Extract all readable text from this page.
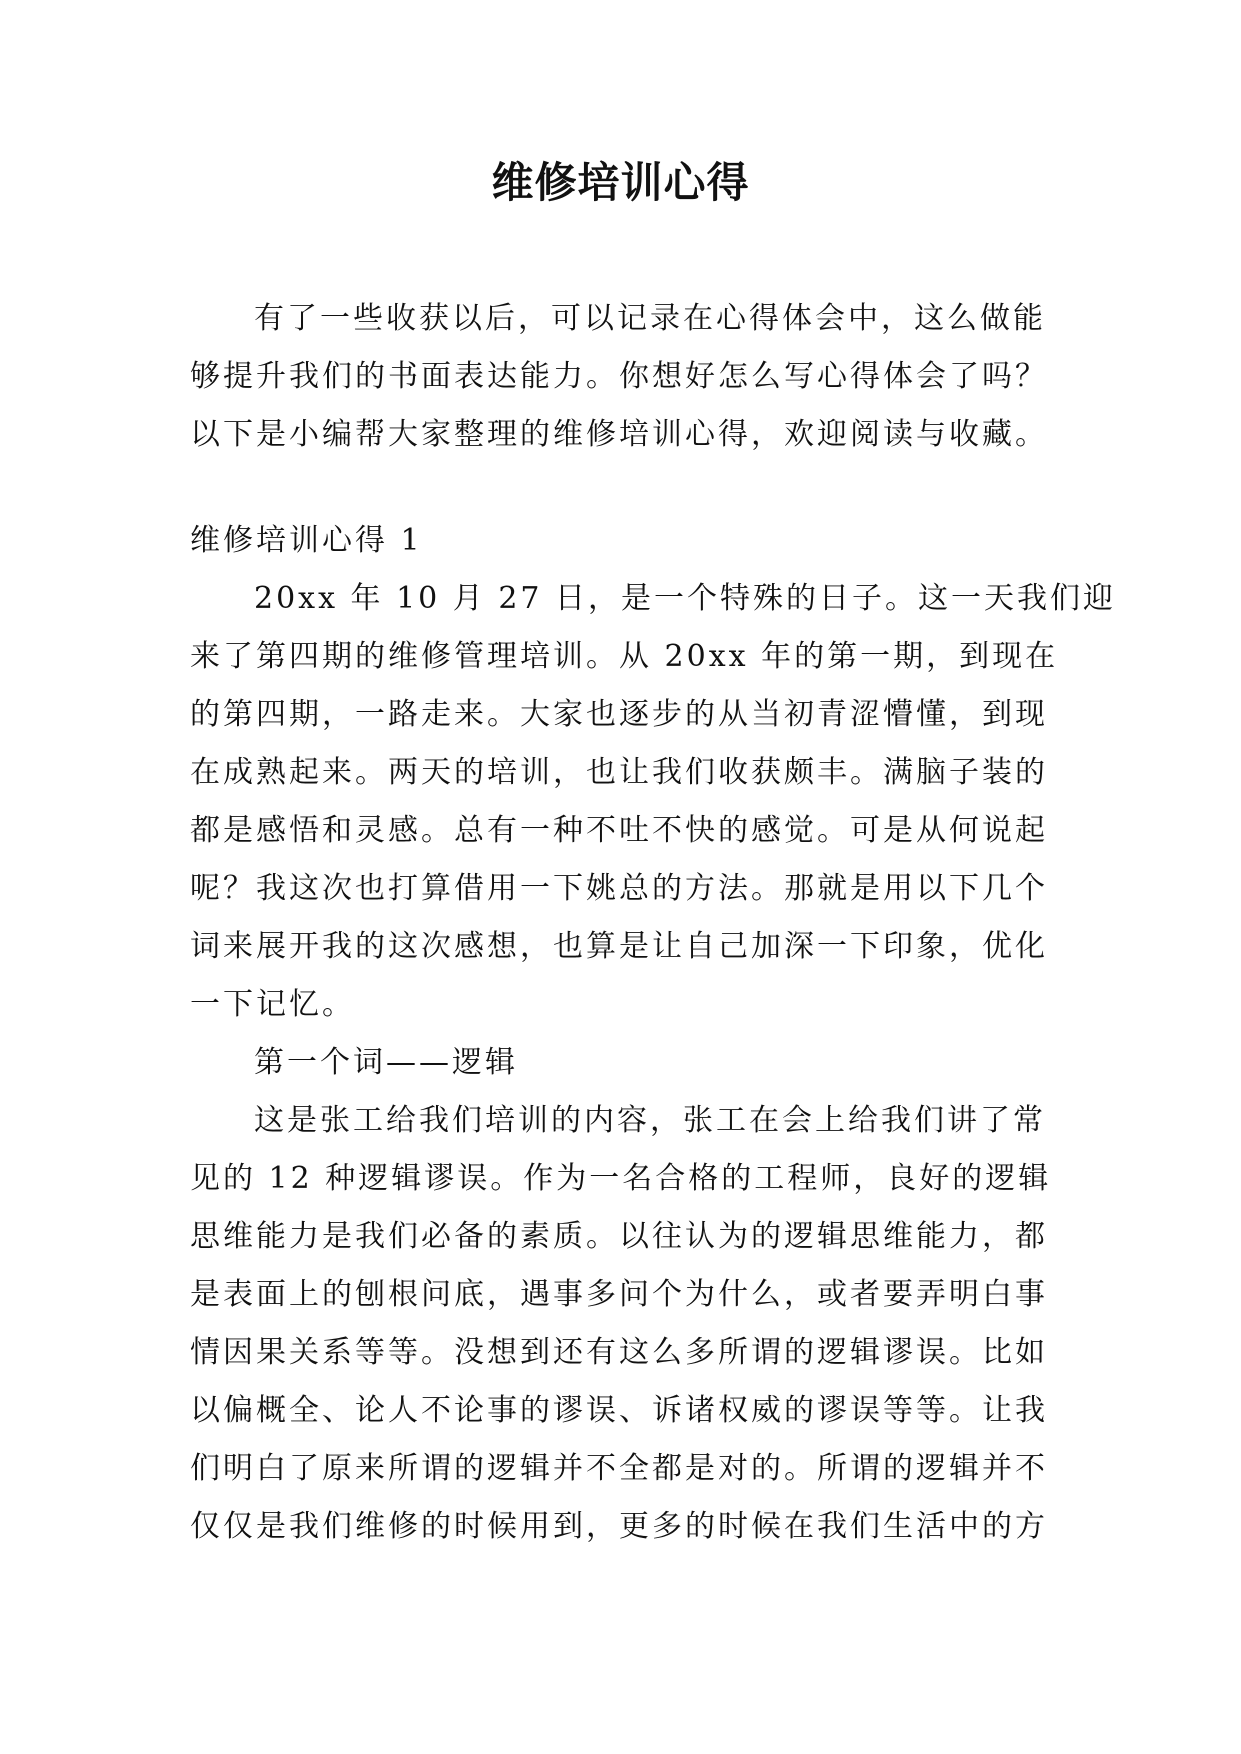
维修培训心得
有了一些收获以后，可以记录在心得体会中，这么做能
够提升我们的书面表达能力。你想好怎么写心得体会了吗？
以下是小编帮大家整理的维修培训心得，欢迎阅读与收藏。
维修培训心得 1
20xx 年 10 月 27 日，是一个特殊的日子。这一天我们迎
来了第四期的维修管理培训。从 20xx 年的第一期，到现在
的第四期，一路走来。大家也逐步的从当初青涩懵懂，到现
在成熟起来。两天的培训，也让我们收获颇丰。满脑子装的
都是感悟和灵感。总有一种不吐不快的感觉。可是从何说起
呢？我这次也打算借用一下姚总的方法。那就是用以下几个
词来展开我的这次感想，也算是让自己加深一下印象，优化
一下记忆。
第一个词——逻辑
这是张工给我们培训的内容，张工在会上给我们讲了常
见的 12 种逻辑谬误。作为一名合格的工程师，良好的逻辑
思维能力是我们必备的素质。以往认为的逻辑思维能力，都
是表面上的刨根问底，遇事多问个为什么，或者要弄明白事
情因果关系等等。没想到还有这么多所谓的逻辑谬误。比如
以偏概全、论人不论事的谬误、诉诸权威的谬误等等。让我
们明白了原来所谓的逻辑并不全都是对的。所谓的逻辑并不
仅仅是我们维修的时候用到，更多的时候在我们生活中的方
